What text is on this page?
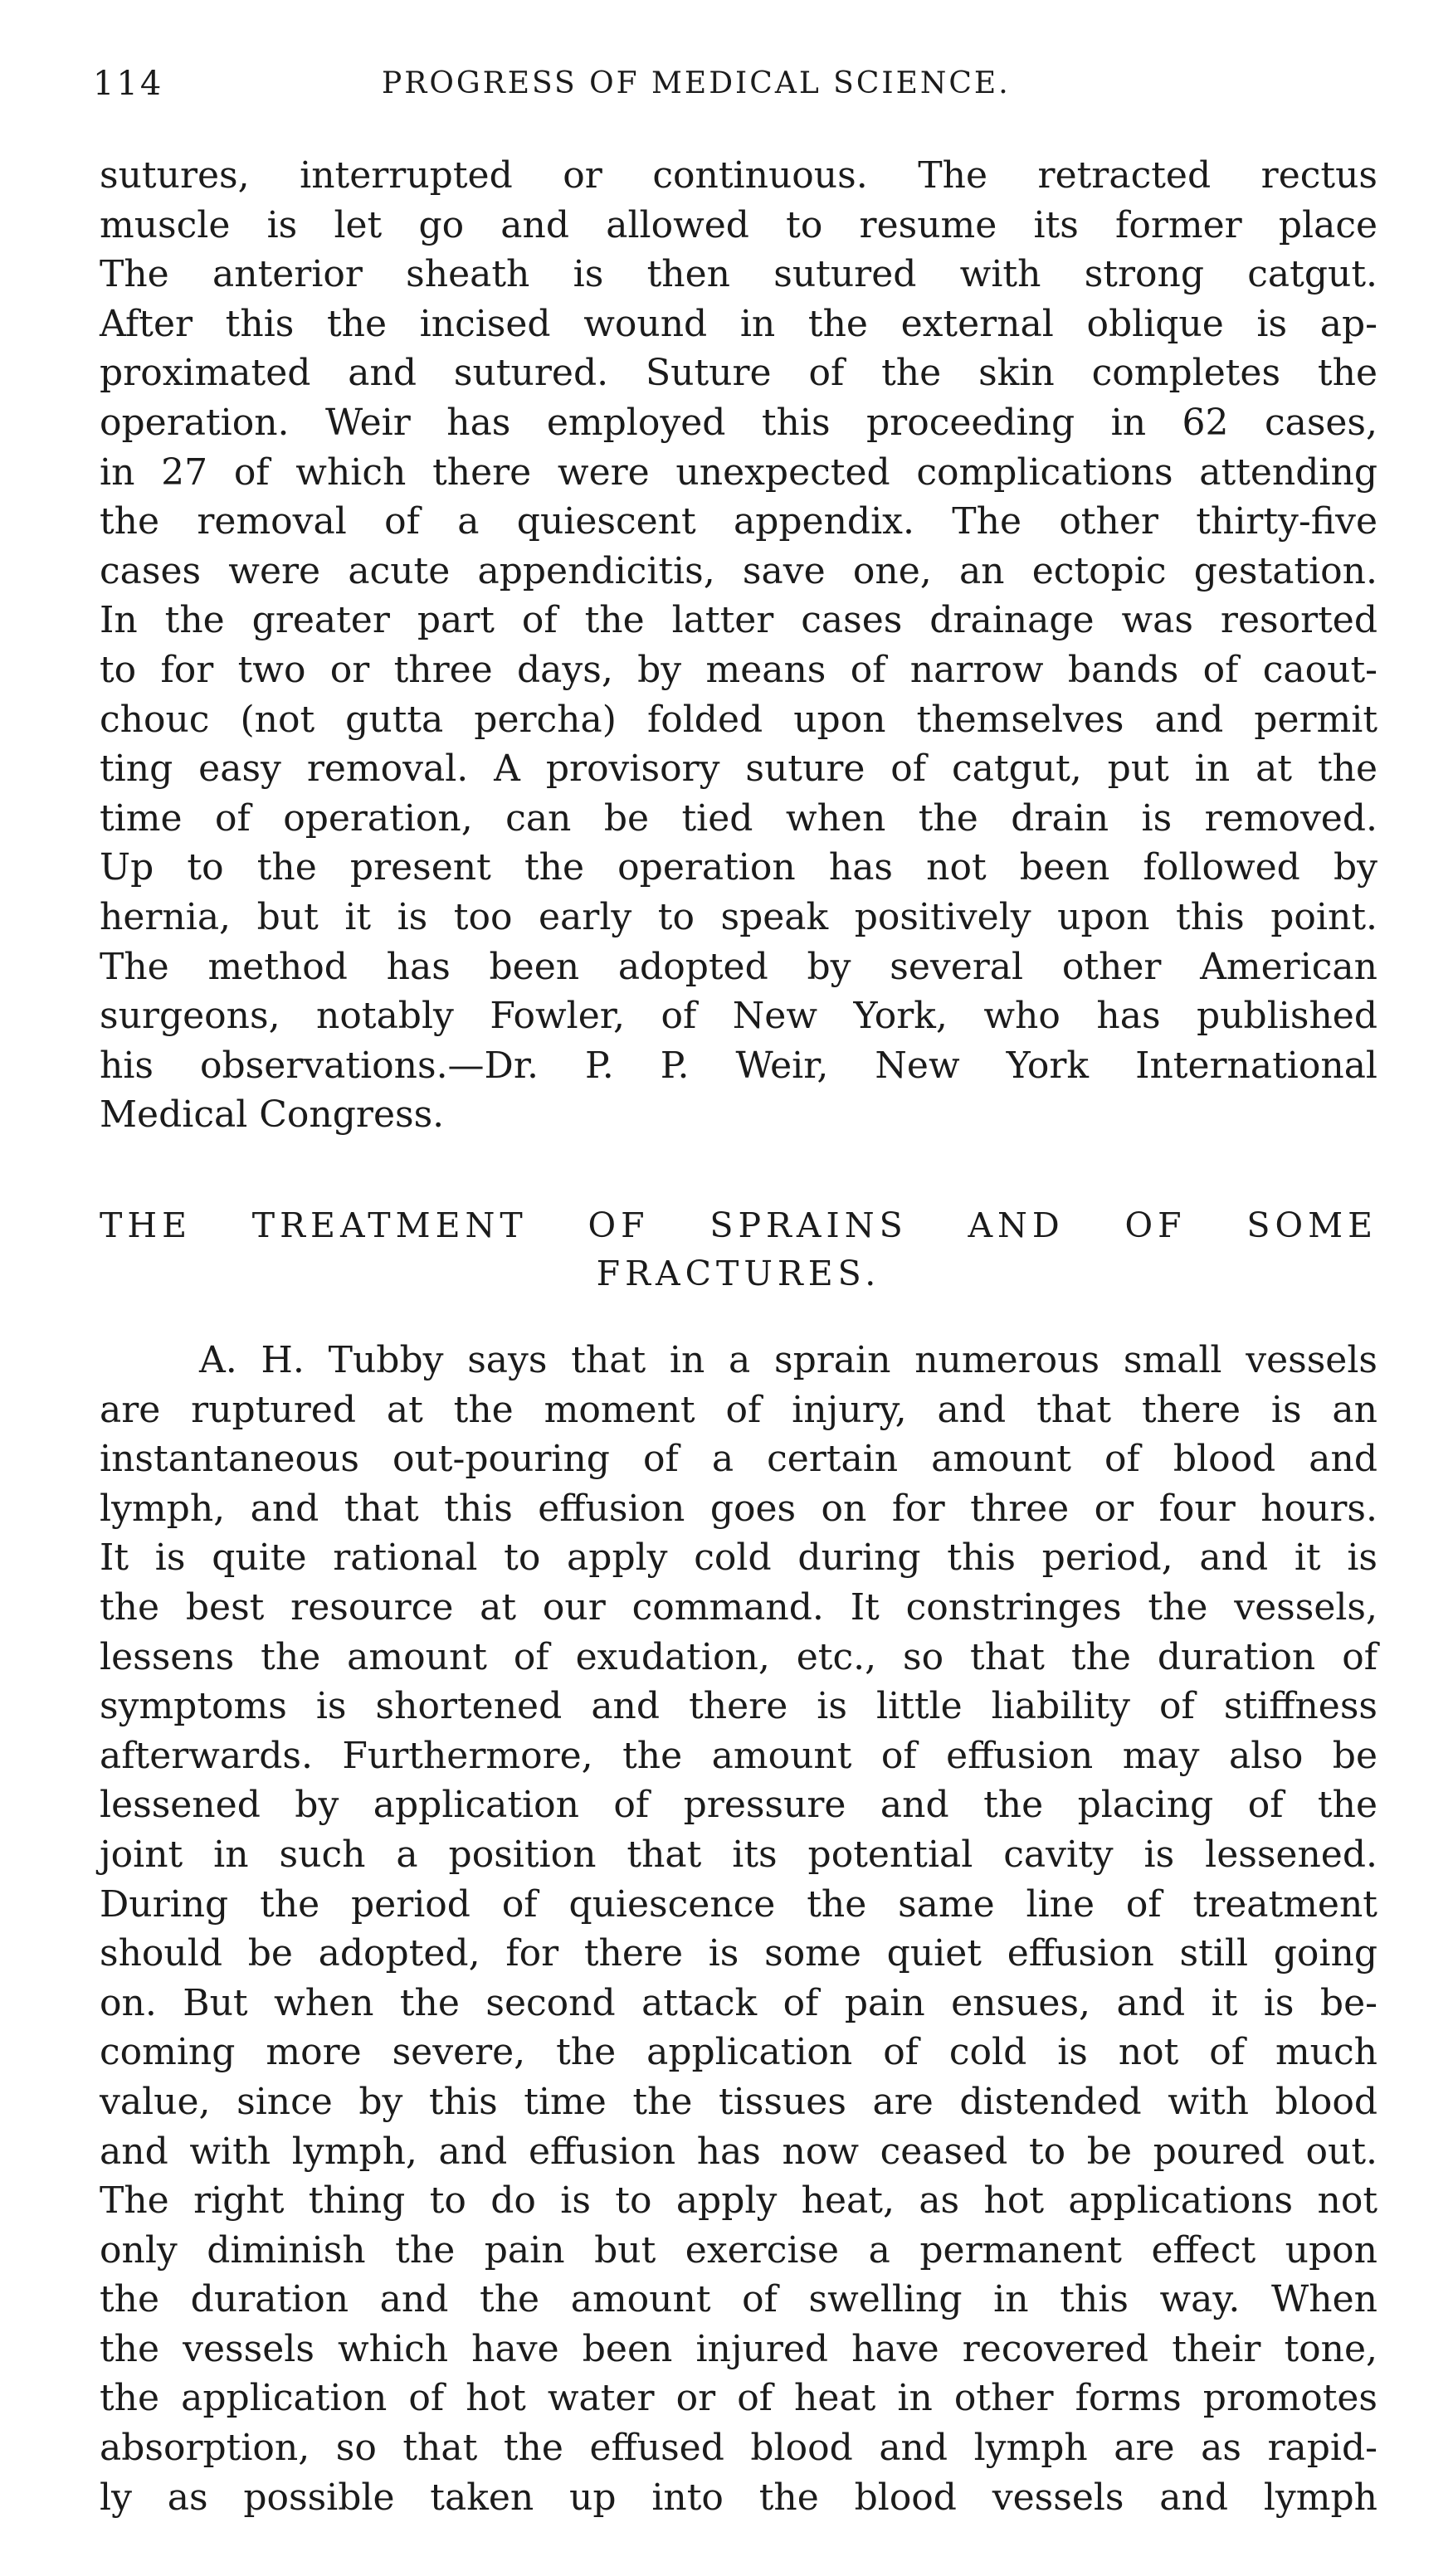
114	PROGRESS OF MEDICAL SCIENCE.
sutures, interrupted or continuous. The retracted rectus
muscle is let go and allowed to resume its former place
The anterior sheath is then sutured with strong catgut.
After this the incised wound in the external oblique is ap-
proximated and sutured. Suture of the skin completes the
operation. Weir has employed this proceeding in 62 cases,
in 27 of which there were unexpected complications attending
the removal of a quiescent appendix. The other thirty-five
cases were acute appendicitis, save one, an ectopic gestation.
In the greater part of the latter cases drainage was resorted
to for two or three days, by means of narrow bands of caout-
chouc (not gutta percha) folded upon themselves and permit
ting easy removal. A provisory suture of catgut, put in at the
time of operation, can be tied when the drain is removed.
Up to the present the operation has not been followed by
hernia, but it is too early to speak positively upon this point.
The method has been adopted by several other American
surgeons, notably Fowler, of New York, who has published
his observations.—Dr. P. P. Weir, New York International
Medical Congress.
THE TREATMENT OF SPRAINS AND OF SOME
FRACTURES.
A. H. Tubby says that in a sprain numerous small vessels
are ruptured at the moment of injury, and that there is an
instantaneous out-pouring of a certain amount of blood and
lymph, and that this effusion goes on for three or four hours.
It is quite rational to apply cold during this period, and it is
the best resource at our command. It constringes the vessels,
lessens the amount of exudation, etc., so that the duration of
symptoms is shortened and there is little liability of stiffness
afterwards. Furthermore, the amount of effusion may also be
lessened by application of pressure and the placing of the
joint in such a position that its potential cavity is lessened.
During the period of quiescence the same line of treatment
should be adopted, for there is some quiet effusion still going
on. But when the second attack of pain ensues, and it is be-
coming more severe, the application of cold is not of much
value, since by this time the tissues are distended with blood
and with lymph, and effusion has now ceased to be poured out.
The right thing to do is to apply heat, as hot applications not
only diminish the pain but exercise a permanent effect upon
the duration and the amount of swelling in this way. When
the vessels which have been injured have recovered their tone,
the application of hot water or of heat in other forms promotes
absorption, so that the effused blood and lymph are as rapid-
ly as possible taken up into the blood vessels and lymph
